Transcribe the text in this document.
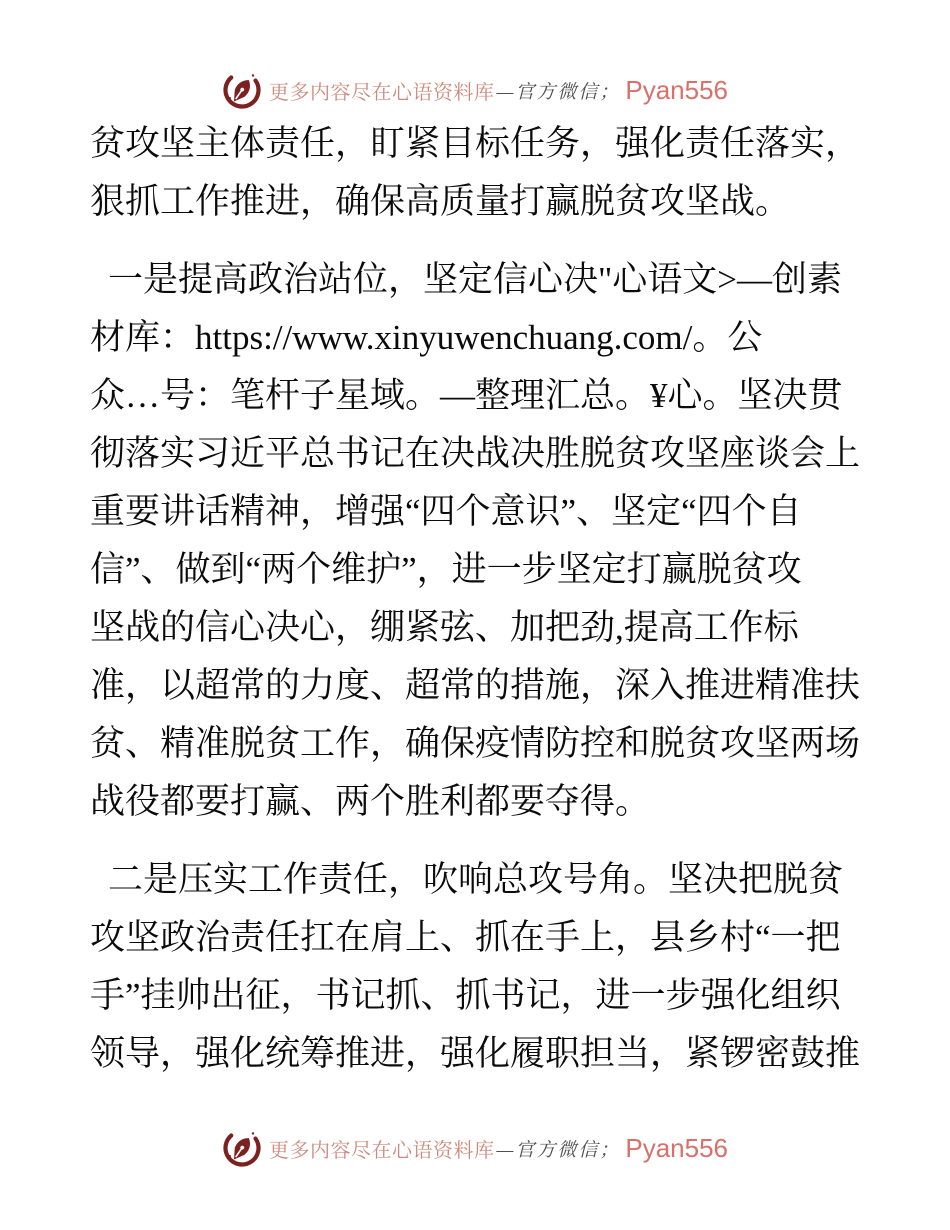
更多内容尽在心语资料库 —官方微信； Pyan556

贫攻坚主体责任，盯紧目标任务，强化责任落实，
狠抓工作推进，确保高质量打赢脱贫攻坚战。

一是提高政治站位，坚定信心决"心语文>—创素
材库：https://www.xinyuwenchuang.com/。公
众…号：笔杆子星域。—整理汇总。¥心。坚决贯
彻落实习近平总书记在决战决胜脱贫攻坚座谈会上
重要讲话精神，增强“四个意识”、坚定“四个自
信”、做到“两个维护”，进一步坚定打赢脱贫攻
坚战的信心决心，绷紧弦、加把劲,提高工作标
准，以超常的力度、超常的措施，深入推进精准扶
贫、精准脱贫工作，确保疫情防控和脱贫攻坚两场
战役都要打赢、两个胜利都要夺得。

二是压实工作责任，吹响总攻号角。坚决把脱贫
攻坚政治责任扛在肩上、抓在手上，县乡村“一把
手”挂帅出征，书记抓、抓书记，进一步强化组织
领导，强化统筹推进，强化履职担当，紧锣密鼓推

更多内容尽在心语资料库 —官方微信； Pyan556
